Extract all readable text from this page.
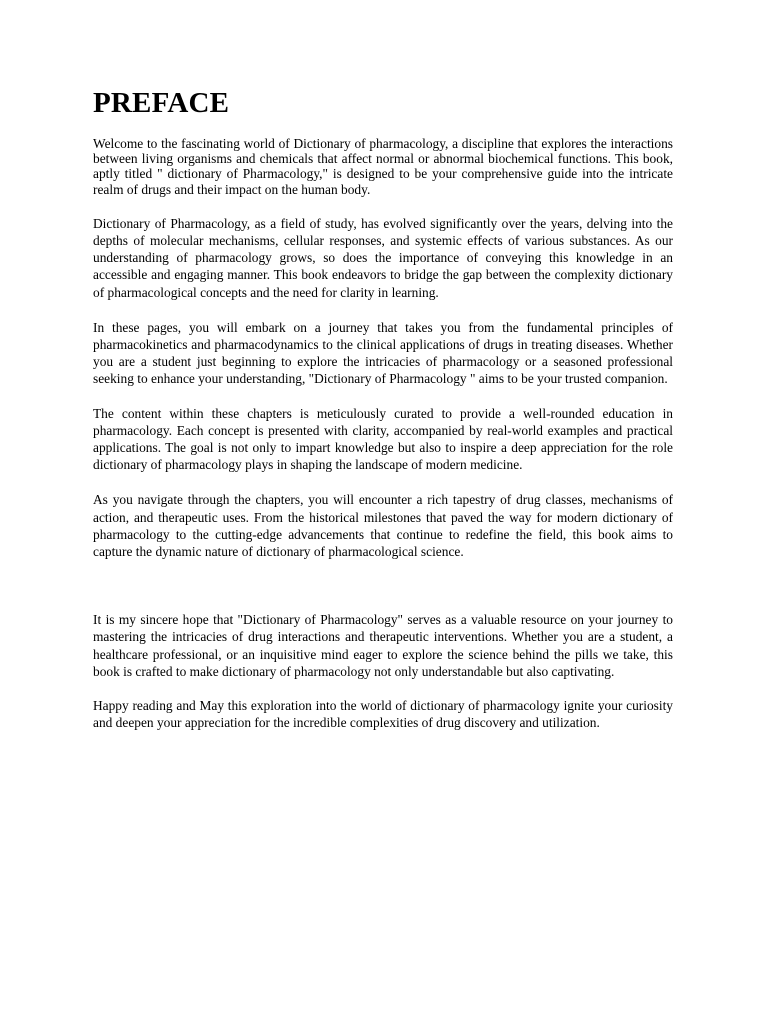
PREFACE

Welcome to the fascinating world of Dictionary of pharmacology, a discipline that explores the interactions between living organisms and chemicals that affect normal or abnormal biochemical functions. This book, aptly titled " dictionary of Pharmacology," is designed to be your comprehensive guide into the intricate realm of drugs and their impact on the human body.

Dictionary of Pharmacology, as a field of study, has evolved significantly over the years, delving into the depths of molecular mechanisms, cellular responses, and systemic effects of various substances. As our understanding of pharmacology grows, so does the importance of conveying this knowledge in an accessible and engaging manner. This book endeavors to bridge the gap between the complexity dictionary of pharmacological concepts and the need for clarity in learning.

In these pages, you will embark on a journey that takes you from the fundamental principles of pharmacokinetics and pharmacodynamics to the clinical applications of drugs in treating diseases. Whether you are a student just beginning to explore the intricacies of pharmacology or a seasoned professional seeking to enhance your understanding, "Dictionary of Pharmacology " aims to be your trusted companion.

The content within these chapters is meticulously curated to provide a well-rounded education in pharmacology. Each concept is presented with clarity, accompanied by real-world examples and practical applications. The goal is not only to impart knowledge but also to inspire a deep appreciation for the role dictionary of pharmacology plays in shaping the landscape of modern medicine.

As you navigate through the chapters, you will encounter a rich tapestry of drug classes, mechanisms of action, and therapeutic uses. From the historical milestones that paved the way for modern dictionary of pharmacology to the cutting-edge advancements that continue to redefine the field, this book aims to capture the dynamic nature of dictionary of pharmacological science.

It is my sincere hope that "Dictionary of Pharmacology" serves as a valuable resource on your journey to mastering the intricacies of drug interactions and therapeutic interventions. Whether you are a student, a healthcare professional, or an inquisitive mind eager to explore the science behind the pills we take, this book is crafted to make dictionary of pharmacology not only understandable but also captivating.

Happy reading and May this exploration into the world of dictionary of pharmacology ignite your curiosity and deepen your appreciation for the incredible complexities of drug discovery and utilization.
